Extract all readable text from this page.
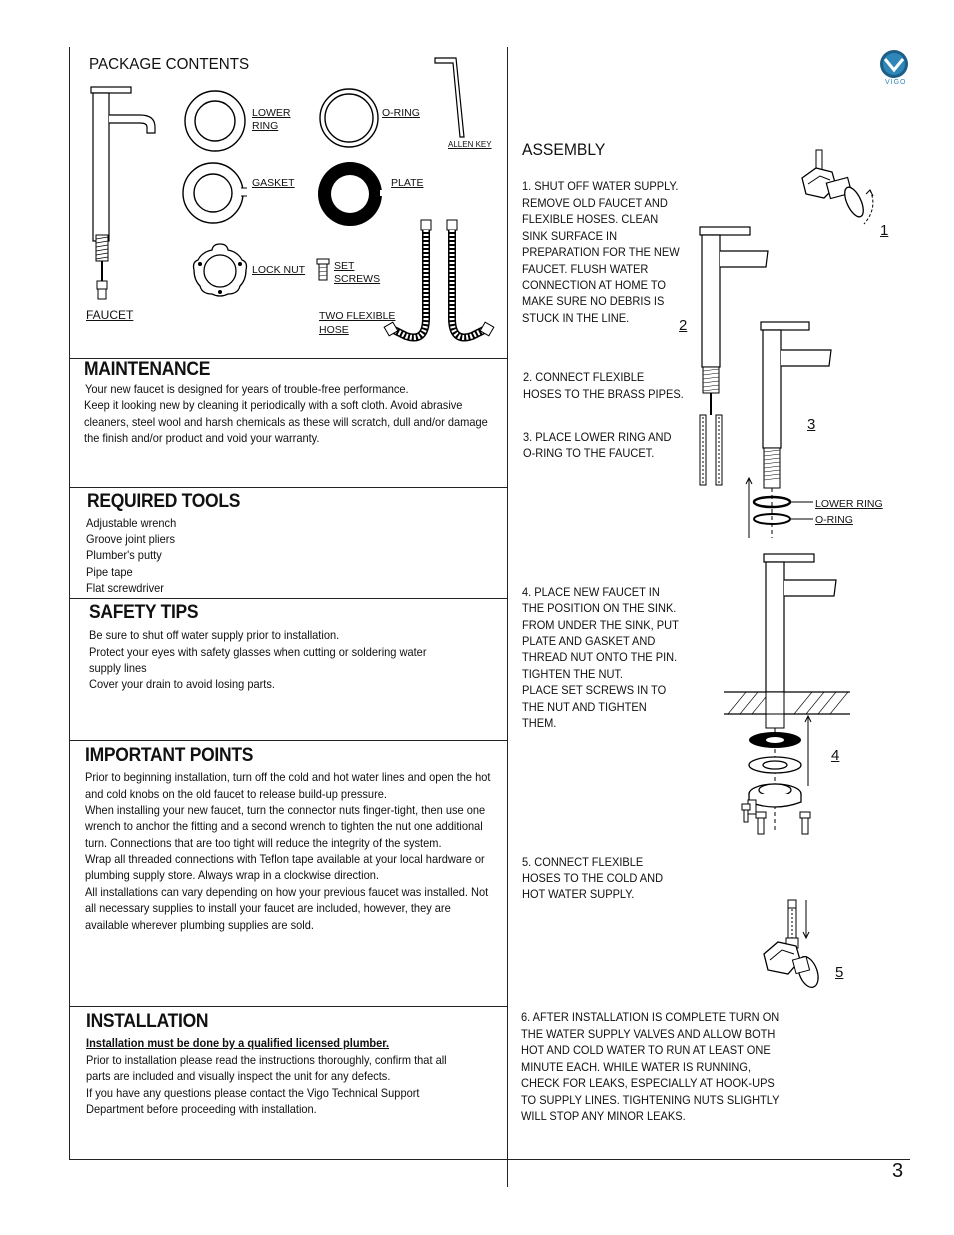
PACKAGE CONTENTS
FAUCET
LOWER
RING
O-RING
ALLEN KEY
GASKET	PLATE
LOCK NUT	SET
SCREWS
TWO FLEXIBLE
HOSE
MAINTENANCE
Your new faucet is designed for years of trouble-free performance.
Keep it looking new by cleaning it periodically with a soft cloth. Avoid abrasive
cleaners, steel wool and harsh chemicals as these will scratch, dull and/or damage
the finish and/or product and void your warranty.
REQUIRED TOOLS
Adjustable wrench
Groove joint pliers
Plumber's putty
Pipe tape
Flat screwdriver
SAFETY TIPS
Be sure to shut off water supply prior to installation.
Protect your eyes with safety glasses when cutting or soldering water
supply lines
Cover your drain to avoid losing parts.
IMPORTANT POINTS
Prior to beginning installation, turn off the cold and hot water lines and open the hot
and cold knobs on the old faucet to release build-up pressure.
When installing your new faucet, turn the connector nuts finger-tight, then use one
wrench to anchor the fitting and a second wrench to tighten the nut one additional
turn. Connections that are too tight will reduce the integrity of the system.
Wrap all threaded connections with Teflon tape available at your local hardware or
plumbing supply store. Always wrap in a clockwise direction.
All installations can vary depending on how your previous faucet was installed. Not
all necessary supplies to install your faucet are included, however, they are
available wherever plumbing supplies are sold.
INSTALLATION
Installation must be done by a qualified licensed plumber.
Prior to installation please read the instructions thoroughly, confirm that all
parts are included and visually inspect the unit for any defects.
If you have any questions please contact the Vigo Technical Support
Department before proceeding with installation.
VIGO
ASSEMBLY
1. SHUT OFF WATER SUPPLY.
REMOVE OLD FAUCET AND
FLEXIBLE HOSES. CLEAN
SINK SURFACE IN
PREPARATION FOR THE NEW
FAUCET. FLUSH WATER
CONNECTION AT HOME TO
MAKE SURE NO DEBRIS IS
STUCK IN THE LINE.
2. CONNECT FLEXIBLE
HOSES TO THE BRASS PIPES.
3. PLACE LOWER RING AND
O-RING TO THE FAUCET.
4. PLACE NEW FAUCET IN
THE POSITION ON THE SINK.
FROM UNDER THE SINK, PUT
PLATE AND GASKET AND
THREAD NUT ONTO THE PIN.
TIGHTEN THE NUT.
PLACE SET SCREWS IN TO
THE NUT AND TIGHTEN
THEM.
5. CONNECT FLEXIBLE
HOSES TO THE COLD AND
HOT WATER SUPPLY.
6. AFTER INSTALLATION IS COMPLETE TURN ON
THE WATER SUPPLY VALVES AND ALLOW BOTH
HOT AND COLD WATER TO RUN AT LEAST ONE
MINUTE EACH. WHILE WATER IS RUNNING,
CHECK FOR LEAKS, ESPECIALLY AT HOOK-UPS
TO SUPPLY LINES. TIGHTENING NUTS SLIGHTLY
WILL STOP ANY MINOR LEAKS.
1
2
3
LOWER RING
O-RING
4
5
3
